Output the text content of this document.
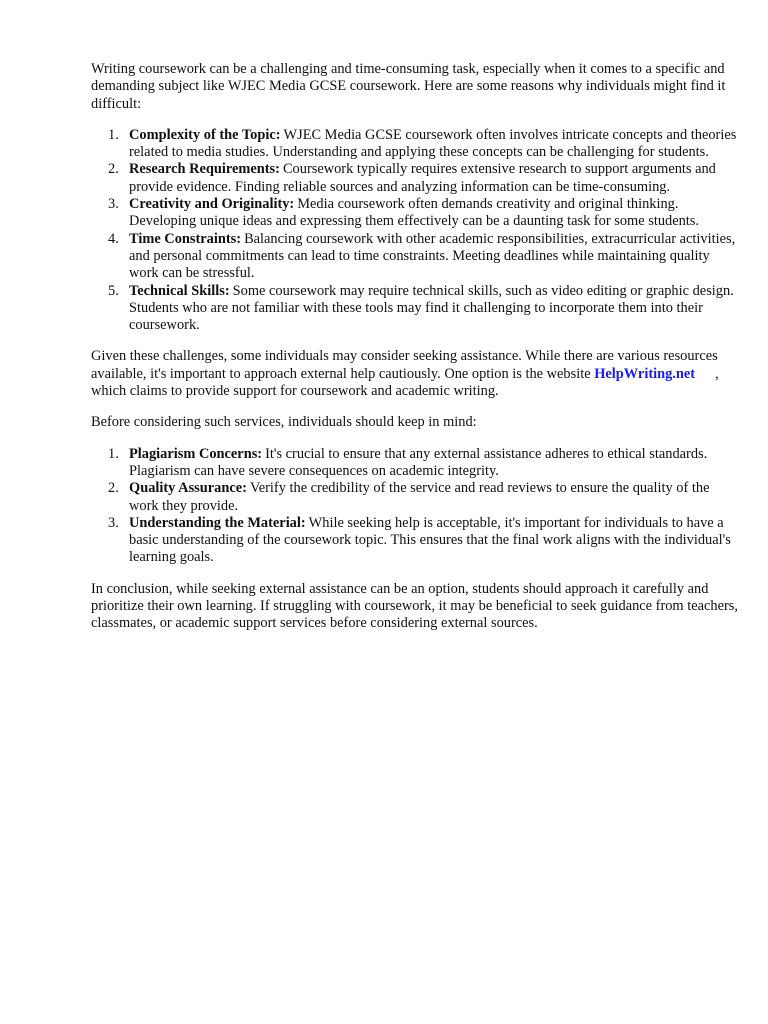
Writing coursework can be a challenging and time-consuming task, especially when it comes to a specific and demanding subject like WJEC Media GCSE coursework. Here are some reasons why individuals might find it difficult:

1. Complexity of the Topic: WJEC Media GCSE coursework often involves intricate concepts and theories related to media studies. Understanding and applying these concepts can be challenging for students.
2. Research Requirements: Coursework typically requires extensive research to support arguments and provide evidence. Finding reliable sources and analyzing information can be time-consuming.
3. Creativity and Originality: Media coursework often demands creativity and original thinking. Developing unique ideas and expressing them effectively can be a daunting task for some students.
4. Time Constraints: Balancing coursework with other academic responsibilities, extracurricular activities, and personal commitments can lead to time constraints. Meeting deadlines while maintaining quality work can be stressful.
5. Technical Skills: Some coursework may require technical skills, such as video editing or graphic design. Students who are not familiar with these tools may find it challenging to incorporate them into their coursework.

Given these challenges, some individuals may consider seeking assistance. While there are various resources available, it's important to approach external help cautiously. One option is the website HelpWriting.net , which claims to provide support for coursework and academic writing.

Before considering such services, individuals should keep in mind:

1. Plagiarism Concerns: It's crucial to ensure that any external assistance adheres to ethical standards. Plagiarism can have severe consequences on academic integrity.
2. Quality Assurance: Verify the credibility of the service and read reviews to ensure the quality of the work they provide.
3. Understanding the Material: While seeking help is acceptable, it's important for individuals to have a basic understanding of the coursework topic. This ensures that the final work aligns with the individual's learning goals.

In conclusion, while seeking external assistance can be an option, students should approach it carefully and prioritize their own learning. If struggling with coursework, it may be beneficial to seek guidance from teachers, classmates, or academic support services before considering external sources.
